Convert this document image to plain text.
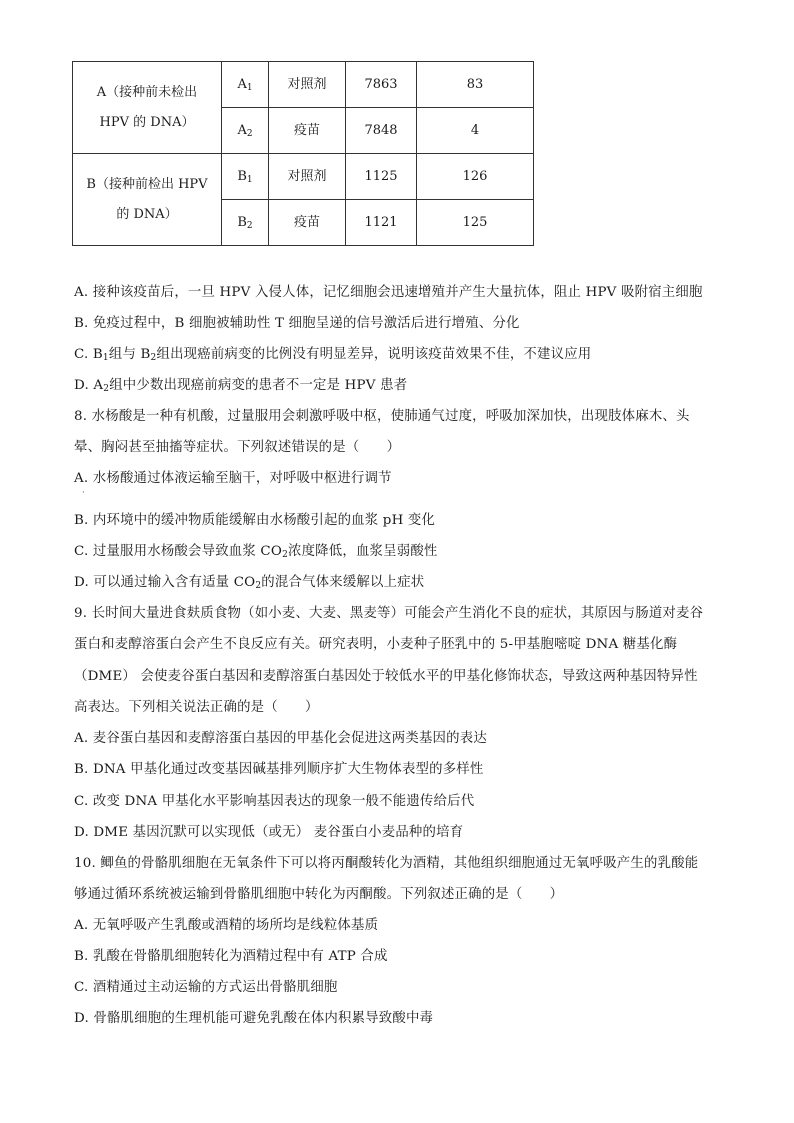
A（接种前未检出
HPV 的 DNA）	$A_1$	对照剂	7863	83
	$A_2$	疫苗	7848	4
B（接种前检出 HPV
的 DNA）	$B_1$	对照剂	1125	126
	$B_2$	疫苗	1121	125
A. 接种该疫苗后，一旦 HPV 入侵人体，记忆细胞会迅速增殖并产生大量抗体，阻止 HPV 吸附宿主细胞
B. 免疫过程中，B 细胞被辅助性 T 细胞呈递的信号激活后进行增殖、分化
C. $B_1$组与 $B_2$组出现癌前病变的比例没有明显差异，说明该疫苗效果不佳，不建议应用
D. $A_2$组中少数出现癌前病变的患者不一定是 HPV 患者
8. 水杨酸是一种有机酸，过量服用会刺激呼吸中枢，使肺通气过度，呼吸加深加快，出现肢体麻木、头
晕、胸闷甚至抽搐等症状。下列叙述错误的是（　　）
A. 水杨酸通过体液运输至脑干，对呼吸中枢进行调节
B. 内环境中的缓冲物质能缓解由水杨酸引起的血浆 pH 变化
C. 过量服用水杨酸会导致血浆 $CO_2$浓度降低，血浆呈弱酸性
D. 可以通过输入含有适量 $CO_2$的混合气体来缓解以上症状
9. 长时间大量进食麸质食物（如小麦、大麦、黑麦等）可能会产生消化不良的症状，其原因与肠道对麦谷
蛋白和麦醇溶蛋白会产生不良反应有关。研究表明，小麦种子胚乳中的 5-甲基胞嘧啶 DNA 糖基化酶
（DME） 会使麦谷蛋白基因和麦醇溶蛋白基因处于较低水平的甲基化修饰状态，导致这两种基因特异性
高表达。下列相关说法正确的是（　　）
A. 麦谷蛋白基因和麦醇溶蛋白基因的甲基化会促进这两类基因的表达
B. DNA 甲基化通过改变基因碱基排列顺序扩大生物体表型的多样性
C. 改变 DNA 甲基化水平影响基因表达的现象一般不能遗传给后代
D. DME 基因沉默可以实现低（或无） 麦谷蛋白小麦品种的培育
10. 鲫鱼的骨骼肌细胞在无氧条件下可以将丙酮酸转化为酒精，其他组织细胞通过无氧呼吸产生的乳酸能
够通过循环系统被运输到骨骼肌细胞中转化为丙酮酸。下列叙述正确的是（　　）
A. 无氧呼吸产生乳酸或酒精的场所均是线粒体基质
B. 乳酸在骨骼肌细胞转化为酒精过程中有 ATP 合成
C. 酒精通过主动运输的方式运出骨骼肌细胞
D. 骨骼肌细胞的生理机能可避免乳酸在体内积累导致酸中毒
·
